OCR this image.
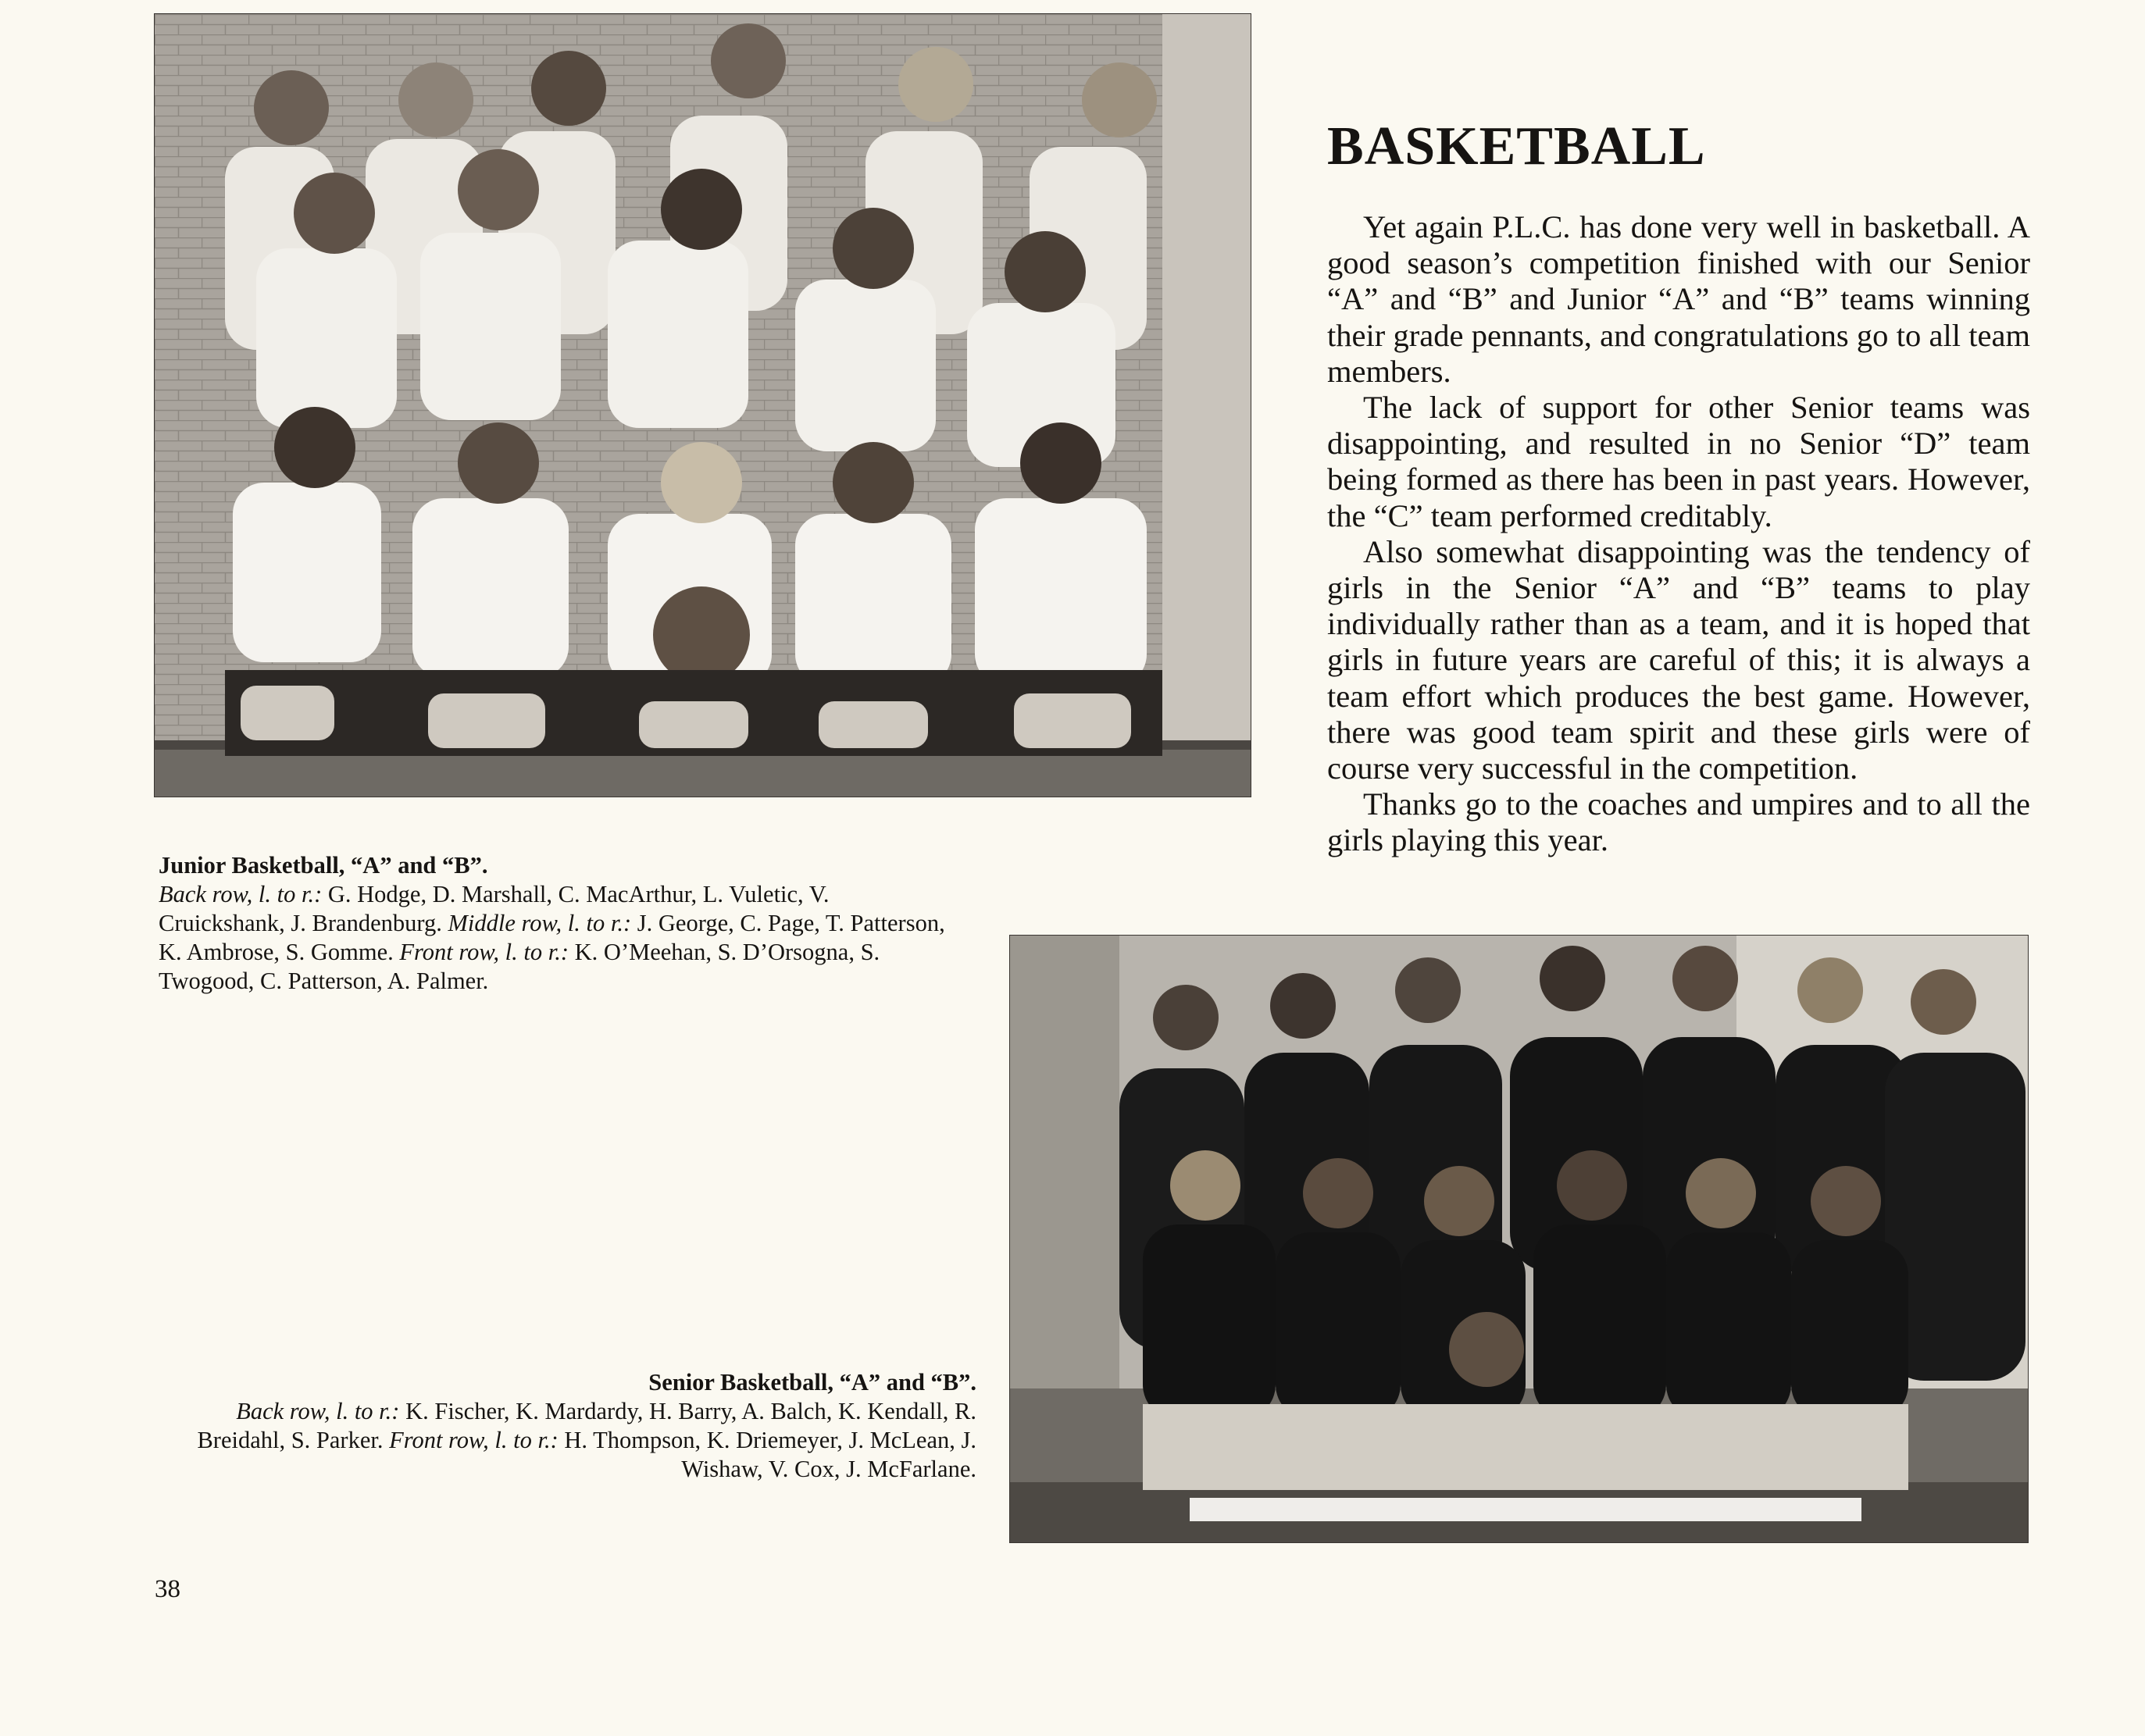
BASKETBALL

Yet again P.L.C. has done very well in basketball. A good season’s competition finished with our Senior “A” and “B” and Junior “A” and “B” teams winning their grade pennants, and congratulations go to all team members.

The lack of support for other Senior teams was disappointing, and resulted in no Senior “D” team being formed as there has been in past years. However, the “C” team performed creditably.

Also somewhat disappointing was the tendency of girls in the Senior “A” and “B” teams to play individually rather than as a team, and it is hoped that girls in future years are careful of this; it is always a team effort which produces the best game. However, there was good team spirit and these girls were of course very successful in the competition.

Thanks go to the coaches and umpires and to all the girls playing this year.

Junior Basketball, “A” and “B”.
Back row, l. to r.: G. Hodge, D. Marshall, C. MacArthur, L. Vuletic, V. Cruickshank, J. Brandenburg. Middle row, l. to r.: J. George, C. Page, T. Patterson, K. Ambrose, S. Gomme. Front row, l. to r.: K. O’Meehan, S. D’Orsogna, S. Twogood, C. Patterson, A. Palmer.
Senior Basketball, “A” and “B”.
Back row, l. to r.: K. Fischer, K. Mardardy, H. Barry, A. Balch, K. Kendall, R. Breidahl, S. Parker. Front row, l. to r.: H. Thompson, K. Driemeyer, J. McLean, J. Wishaw, V. Cox, J. McFarlane.
38
